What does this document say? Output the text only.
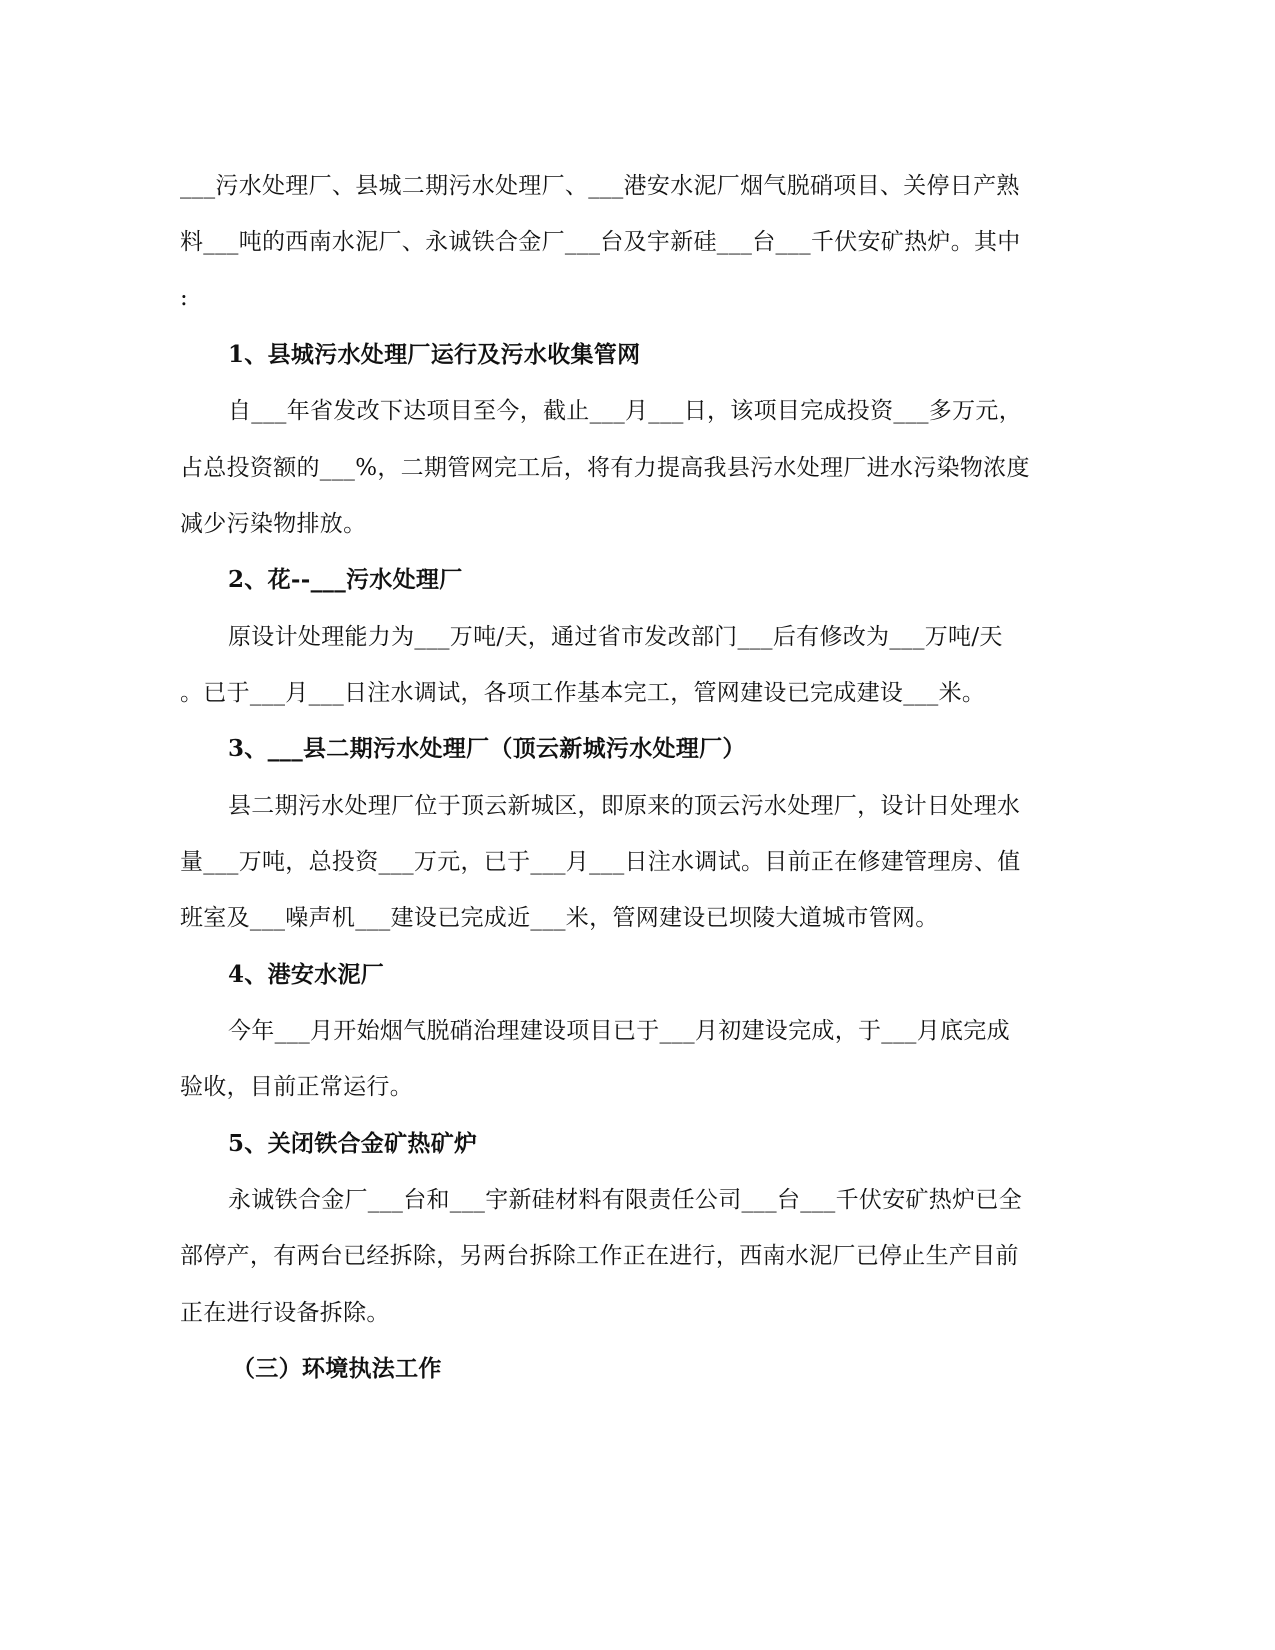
___污水处理厂、县城二期污水处理厂、___港安水泥厂烟气脱硝项目、关停日产熟
料___吨的西南水泥厂、永诚铁合金厂___台及宇新硅___台___千伏安矿热炉。其中
:
1、县城污水处理厂运行及污水收集管网
自___年省发改下达项目至今，截止___月___日，该项目完成投资___多万元，
占总投资额的___%，二期管网完工后，将有力提高我县污水处理厂进水污染物浓度
减少污染物排放。
2、花--___污水处理厂
原设计处理能力为___万吨/天，通过省市发改部门___后有修改为___万吨/天
。已于___月___日注水调试，各项工作基本完工，管网建设已完成建设___米。
3、___县二期污水处理厂（顶云新城污水处理厂）
县二期污水处理厂位于顶云新城区，即原来的顶云污水处理厂，设计日处理水
量___万吨，总投资___万元，已于___月___日注水调试。目前正在修建管理房、值
班室及___噪声机___建设已完成近___米，管网建设已坝陵大道城市管网。
4、港安水泥厂
今年___月开始烟气脱硝治理建设项目已于___月初建设完成，于___月底完成
验收，目前正常运行。
5、关闭铁合金矿热矿炉
永诚铁合金厂___台和___宇新硅材料有限责任公司___台___千伏安矿热炉已全
部停产，有两台已经拆除，另两台拆除工作正在进行，西南水泥厂已停止生产目前
正在进行设备拆除。
（三）环境执法工作
